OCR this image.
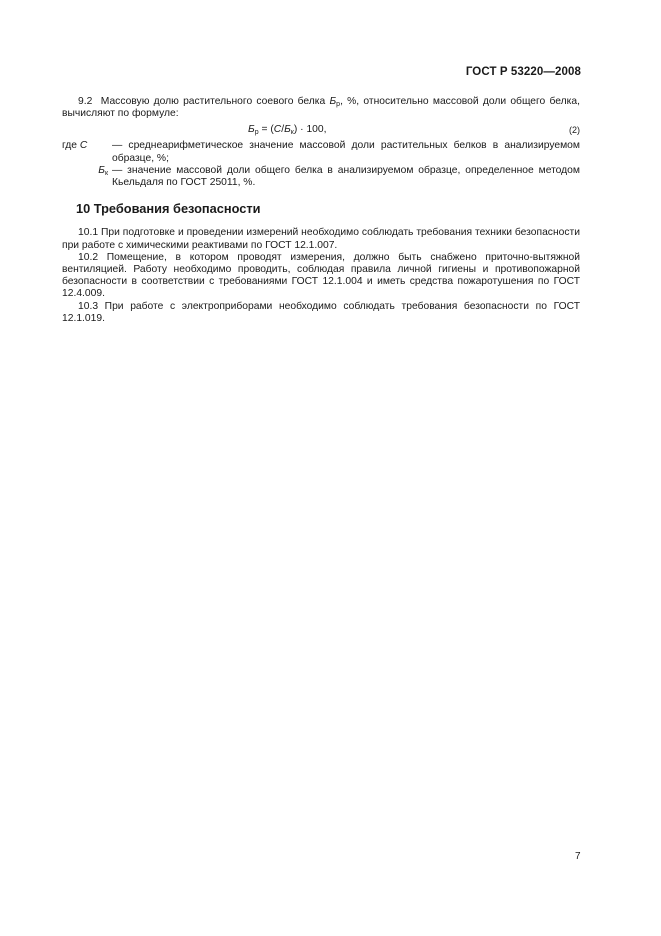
ГОСТ Р 53220—2008

9.2 Массовую долю растительного соевого белка $Б_р$, %, относительно массовой доли общего белка, вычисляют по формуле:

$Б_р = (C/Б_к) \cdot 100$,	(2)
где C	— среднеарифметическое значение массовой доли растительных белков в анализируемом образце, %;
$Б_к$ — значение массовой доли общего белка в анализируемом образце, определенное методом Кьельдаля по ГОСТ 25011, %.
10 Требования безопасности

10.1 При подготовке и проведении измерений необходимо соблюдать требования техники безопасности при работе с химическими реактивами по ГОСТ 12.1.007.

10.2 Помещение, в котором проводят измерения, должно быть снабжено приточно-вытяжной вентиляцией. Работу необходимо проводить, соблюдая правила личной гигиены и противопожарной безопасности в соответствии с требованиями ГОСТ 12.1.004 и иметь средства пожаротушения по ГОСТ 12.4.009.

10.3 При работе с электроприборами необходимо соблюдать требования безопасности по ГОСТ 12.1.019.

7
